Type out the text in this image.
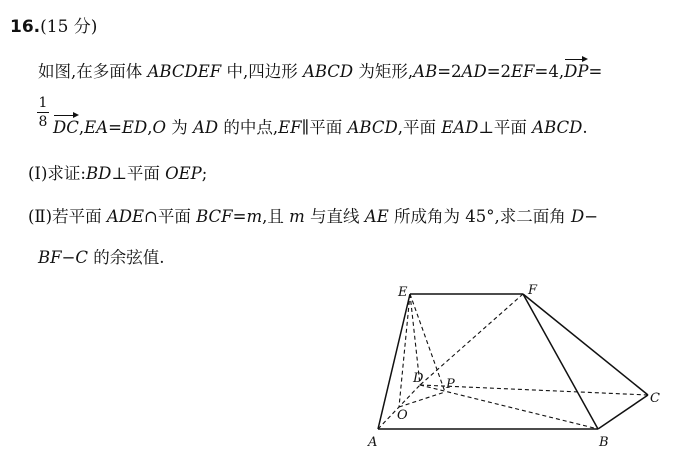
16.(15 分)
如图,在多面体 ABCDEF 中,四边形 ABCD 为矩形,AB=2AD=2EF=4,DP=
1
8 DC,EA=ED,O 为 AD 的中点,EF∥平面 ABCD,平面 EAD⊥平面 ABCD.
(Ⅰ)求证:BD⊥平面 OEP;
(Ⅱ)若平面 ADE∩平面 BCF=m,且 m 与直线 AE 所成角为 45°,求二面角 D−
BF−C 的余弦值.
A	B
C
D
E	F
O
P
